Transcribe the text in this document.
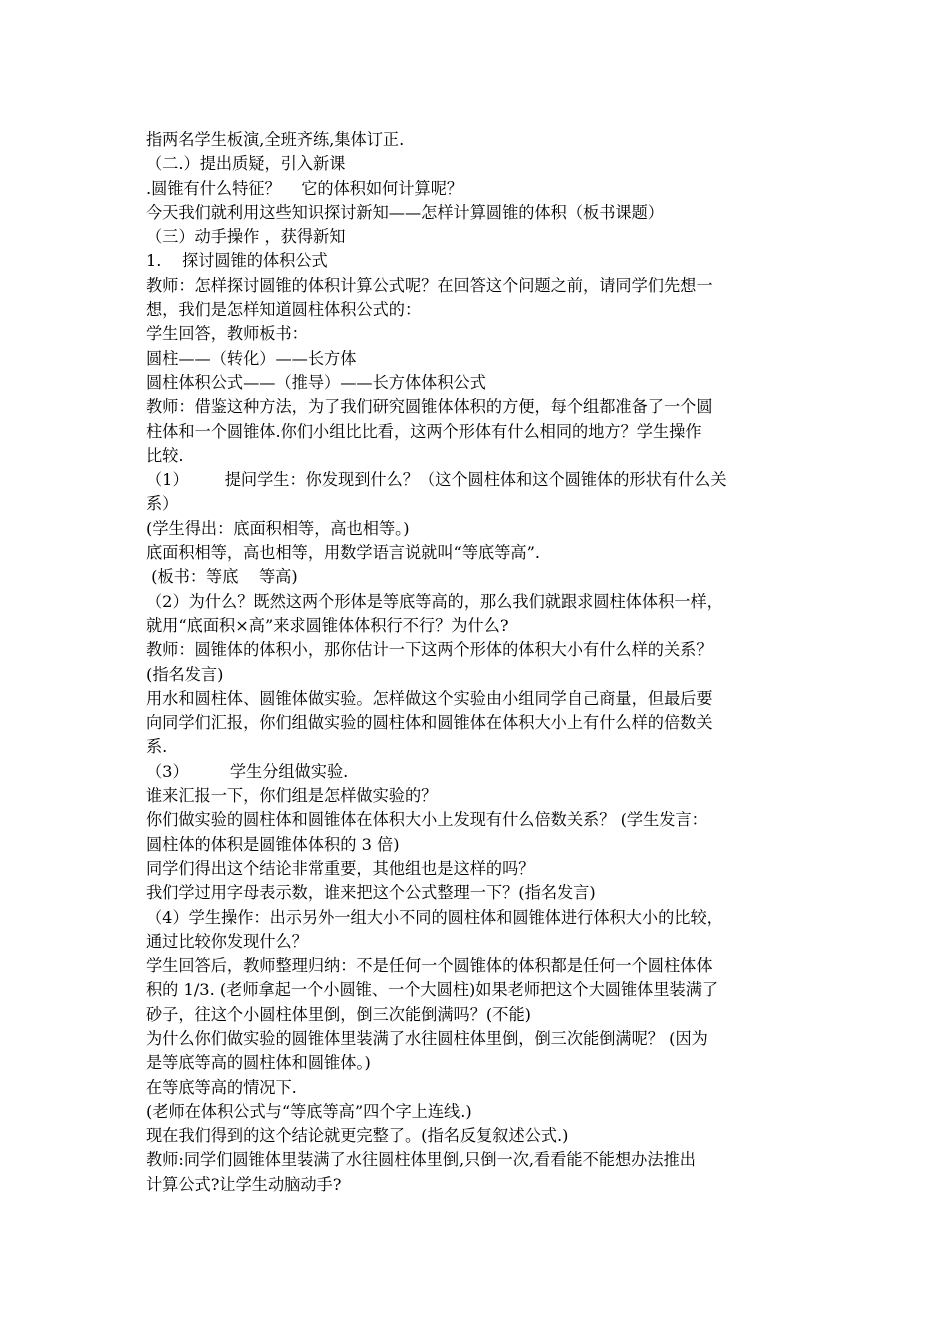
指两名学生板演,全班齐练,集体订正.
（二.）提出质疑，引入新课
.圆锥有什么特征？    它的体积如何计算呢？
今天我们就利用这些知识探讨新知——怎样计算圆锥的体积（板书课题）
（三）动手操作 ，获得新知
1.    探讨圆锥的体积公式
教师：怎样探讨圆锥的体积计算公式呢？在回答这个问题之前，请同学们先想一
想，我们是怎样知道圆柱体积公式的：
学生回答，教师板书：
圆柱——（转化）——长方体
圆柱体积公式——（推导）——长方体体积公式
教师：借鉴这种方法，为了我们研究圆锥体体积的方便，每个组都准备了一个圆
柱体和一个圆锥体.你们小组比比看，这两个形体有什么相同的地方？学生操作
比较.
（1）       提问学生：你发现到什么？（这个圆柱体和这个圆锥体的形状有什么关
系）
(学生得出：底面积相等，高也相等。)
底面积相等，高也相等，用数学语言说就叫“等底等高”.
(板书：等底    等高)
（2）为什么？既然这两个形体是等底等高的，那么我们就跟求圆柱体体积一样，
就用“底面积×高”来求圆锥体体积行不行？为什么?
教师：圆锥体的体积小，那你估计一下这两个形体的体积大小有什么样的关系？
(指名发言)
用水和圆柱体、圆锥体做实验。怎样做这个实验由小组同学自己商量，但最后要
向同学们汇报，你们组做实验的圆柱体和圆锥体在体积大小上有什么样的倍数关
系.
（3）        学生分组做实验.
谁来汇报一下，你们组是怎样做实验的？
你们做实验的圆柱体和圆锥体在体积大小上发现有什么倍数关系？ (学生发言：
圆柱体的体积是圆锥体体积的 3 倍)
同学们得出这个结论非常重要，其他组也是这样的吗？
我们学过用字母表示数，谁来把这个公式整理一下？(指名发言)
（4）学生操作：出示另外一组大小不同的圆柱体和圆锥体进行体积大小的比较，
通过比较你发现什么？
学生回答后，教师整理归纳：不是任何一个圆锥体的体积都是任何一个圆柱体体
积的 1/3. (老师拿起一个小圆锥、一个大圆柱)如果老师把这个大圆锥体里装满了
砂子，往这个小圆柱体里倒，倒三次能倒满吗？(不能)
为什么你们做实验的圆锥体里装满了水往圆柱体里倒，倒三次能倒满呢？ (因为
是等底等高的圆柱体和圆锥体。)
在等底等高的情况下.
(老师在体积公式与“等底等高”四个字上连线.)
现在我们得到的这个结论就更完整了。(指名反复叙述公式.)
教师:同学们圆锥体里装满了水往圆柱体里倒,只倒一次,看看能不能想办法推出
计算公式?让学生动脑动手?
